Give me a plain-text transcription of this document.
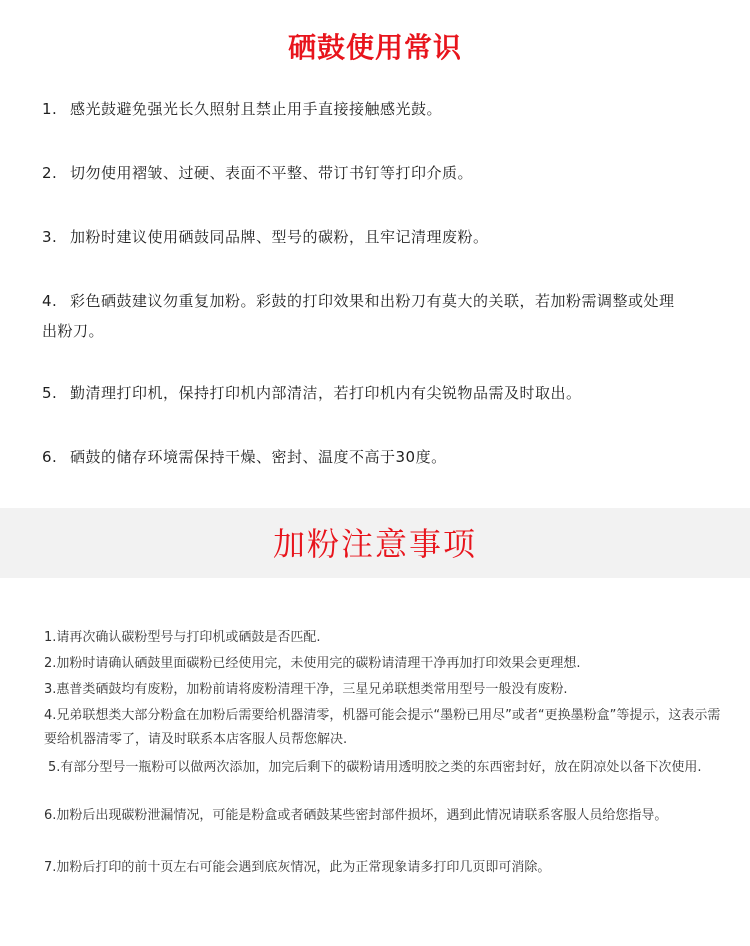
硒鼓使用常识
1. 感光鼓避免强光长久照射且禁止用手直接接触感光鼓。
2. 切勿使用褶皱、过硬、表面不平整、带订书钉等打印介质。
3. 加粉时建议使用硒鼓同品牌、型号的碳粉，且牢记清理废粉。
4. 彩色硒鼓建议勿重复加粉。彩鼓的打印效果和出粉刀有莫大的关联，若加粉需调整或处理出粉刀。
5. 勤清理打印机，保持打印机内部清洁，若打印机内有尖锐物品需及时取出。
6. 硒鼓的储存环境需保持干燥、密封、温度不高于30度。
加粉注意事项
1.请再次确认碳粉型号与打印机或硒鼓是否匹配.
2.加粉时请确认硒鼓里面碳粉已经使用完，未使用完的碳粉请清理干净再加打印效果会更理想.
3.惠普类硒鼓均有废粉，加粉前请将废粉清理干净，三星兄弟联想类常用型号一般没有废粉.
4.兄弟联想类大部分粉盒在加粉后需要给机器清零，机器可能会提示“墨粉已用尽”或者“更换墨粉盒”等提示，这表示需要给机器清零了，请及时联系本店客服人员帮您解决.
5.有部分型号一瓶粉可以做两次添加，加完后剩下的碳粉请用透明胶之类的东西密封好，放在阴凉处以备下次使用.
6.加粉后出现碳粉泄漏情况，可能是粉盒或者硒鼓某些密封部件损坏，遇到此情况请联系客服人员给您指导。
7.加粉后打印的前十页左右可能会遇到底灰情况，此为正常现象请多打印几页即可消除。
